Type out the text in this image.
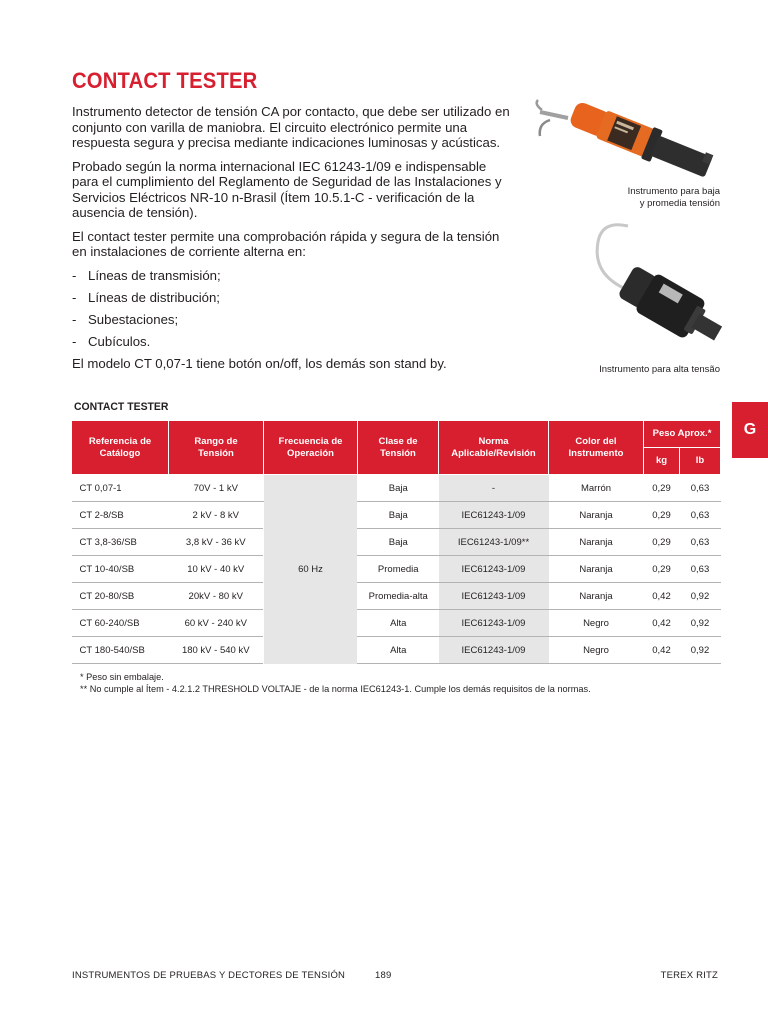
CONTACT TESTER

Instrumento detector de tensión CA por contacto, que debe ser utilizado en conjunto con varilla de maniobra. El circuito electrónico permite una respuesta segura y precisa mediante indicaciones luminosas y acústicas.

Probado según la norma internacional IEC 61243-1/09 e indispensable para el cumplimiento del Reglamento de Seguridad de las Instalaciones y Servicios Eléctricos NR-10 n-Brasil (Ítem 10.5.1-C - verificación de la ausencia de tensión).

El contact tester permite una comprobación rápida y segura de la tensión en instalaciones de corriente alterna en:

- Líneas de transmisión;
- Líneas de distribución;
- Subestaciones;
- Cubículos.

El modelo CT 0,07-1 tiene botón on/off, los demás son stand by.

Instrumento para baja
y promedia tensión
Instrumento para alta tensão
G
CONTACT TESTER
Referencia de Catálogo	Rango de Tensión	Frecuencia de Operación	Clase de Tensión	Norma Aplicable/Revisión	Color del Instrumento	Peso Aprox.*	
						kg	lb
CT 0,07-1	70V - 1 kV	60 Hz	Baja	-	Marrón	0,29	0,63
CT 2-8/SB	2 kV - 8 kV		Baja	IEC61243-1/09	Naranja	0,29	0,63
CT 3,8-36/SB	3,8 kV - 36 kV		Baja	IEC61243-1/09**	Naranja	0,29	0,63
CT 10-40/SB	10 kV - 40 kV		Promedia	IEC61243-1/09	Naranja	0,29	0,63
CT 20-80/SB	20kV - 80 kV		Promedia-alta	IEC61243-1/09	Naranja	0,42	0,92
CT 60-240/SB	60 kV - 240 kV		Alta	IEC61243-1/09	Negro	0,42	0,92
CT 180-540/SB	180 kV - 540 kV		Alta	IEC61243-1/09	Negro	0,42	0,92
* Peso sin embalaje.
** No cumple al Ítem - 4.2.1.2 THRESHOLD VOLTAJE - de la norma IEC61243-1. Cumple los demás requisitos de la normas.
INSTRUMENTOS DE PRUEBAS Y DECTORES DE TENSIÓN	189	TEREX RITZ
